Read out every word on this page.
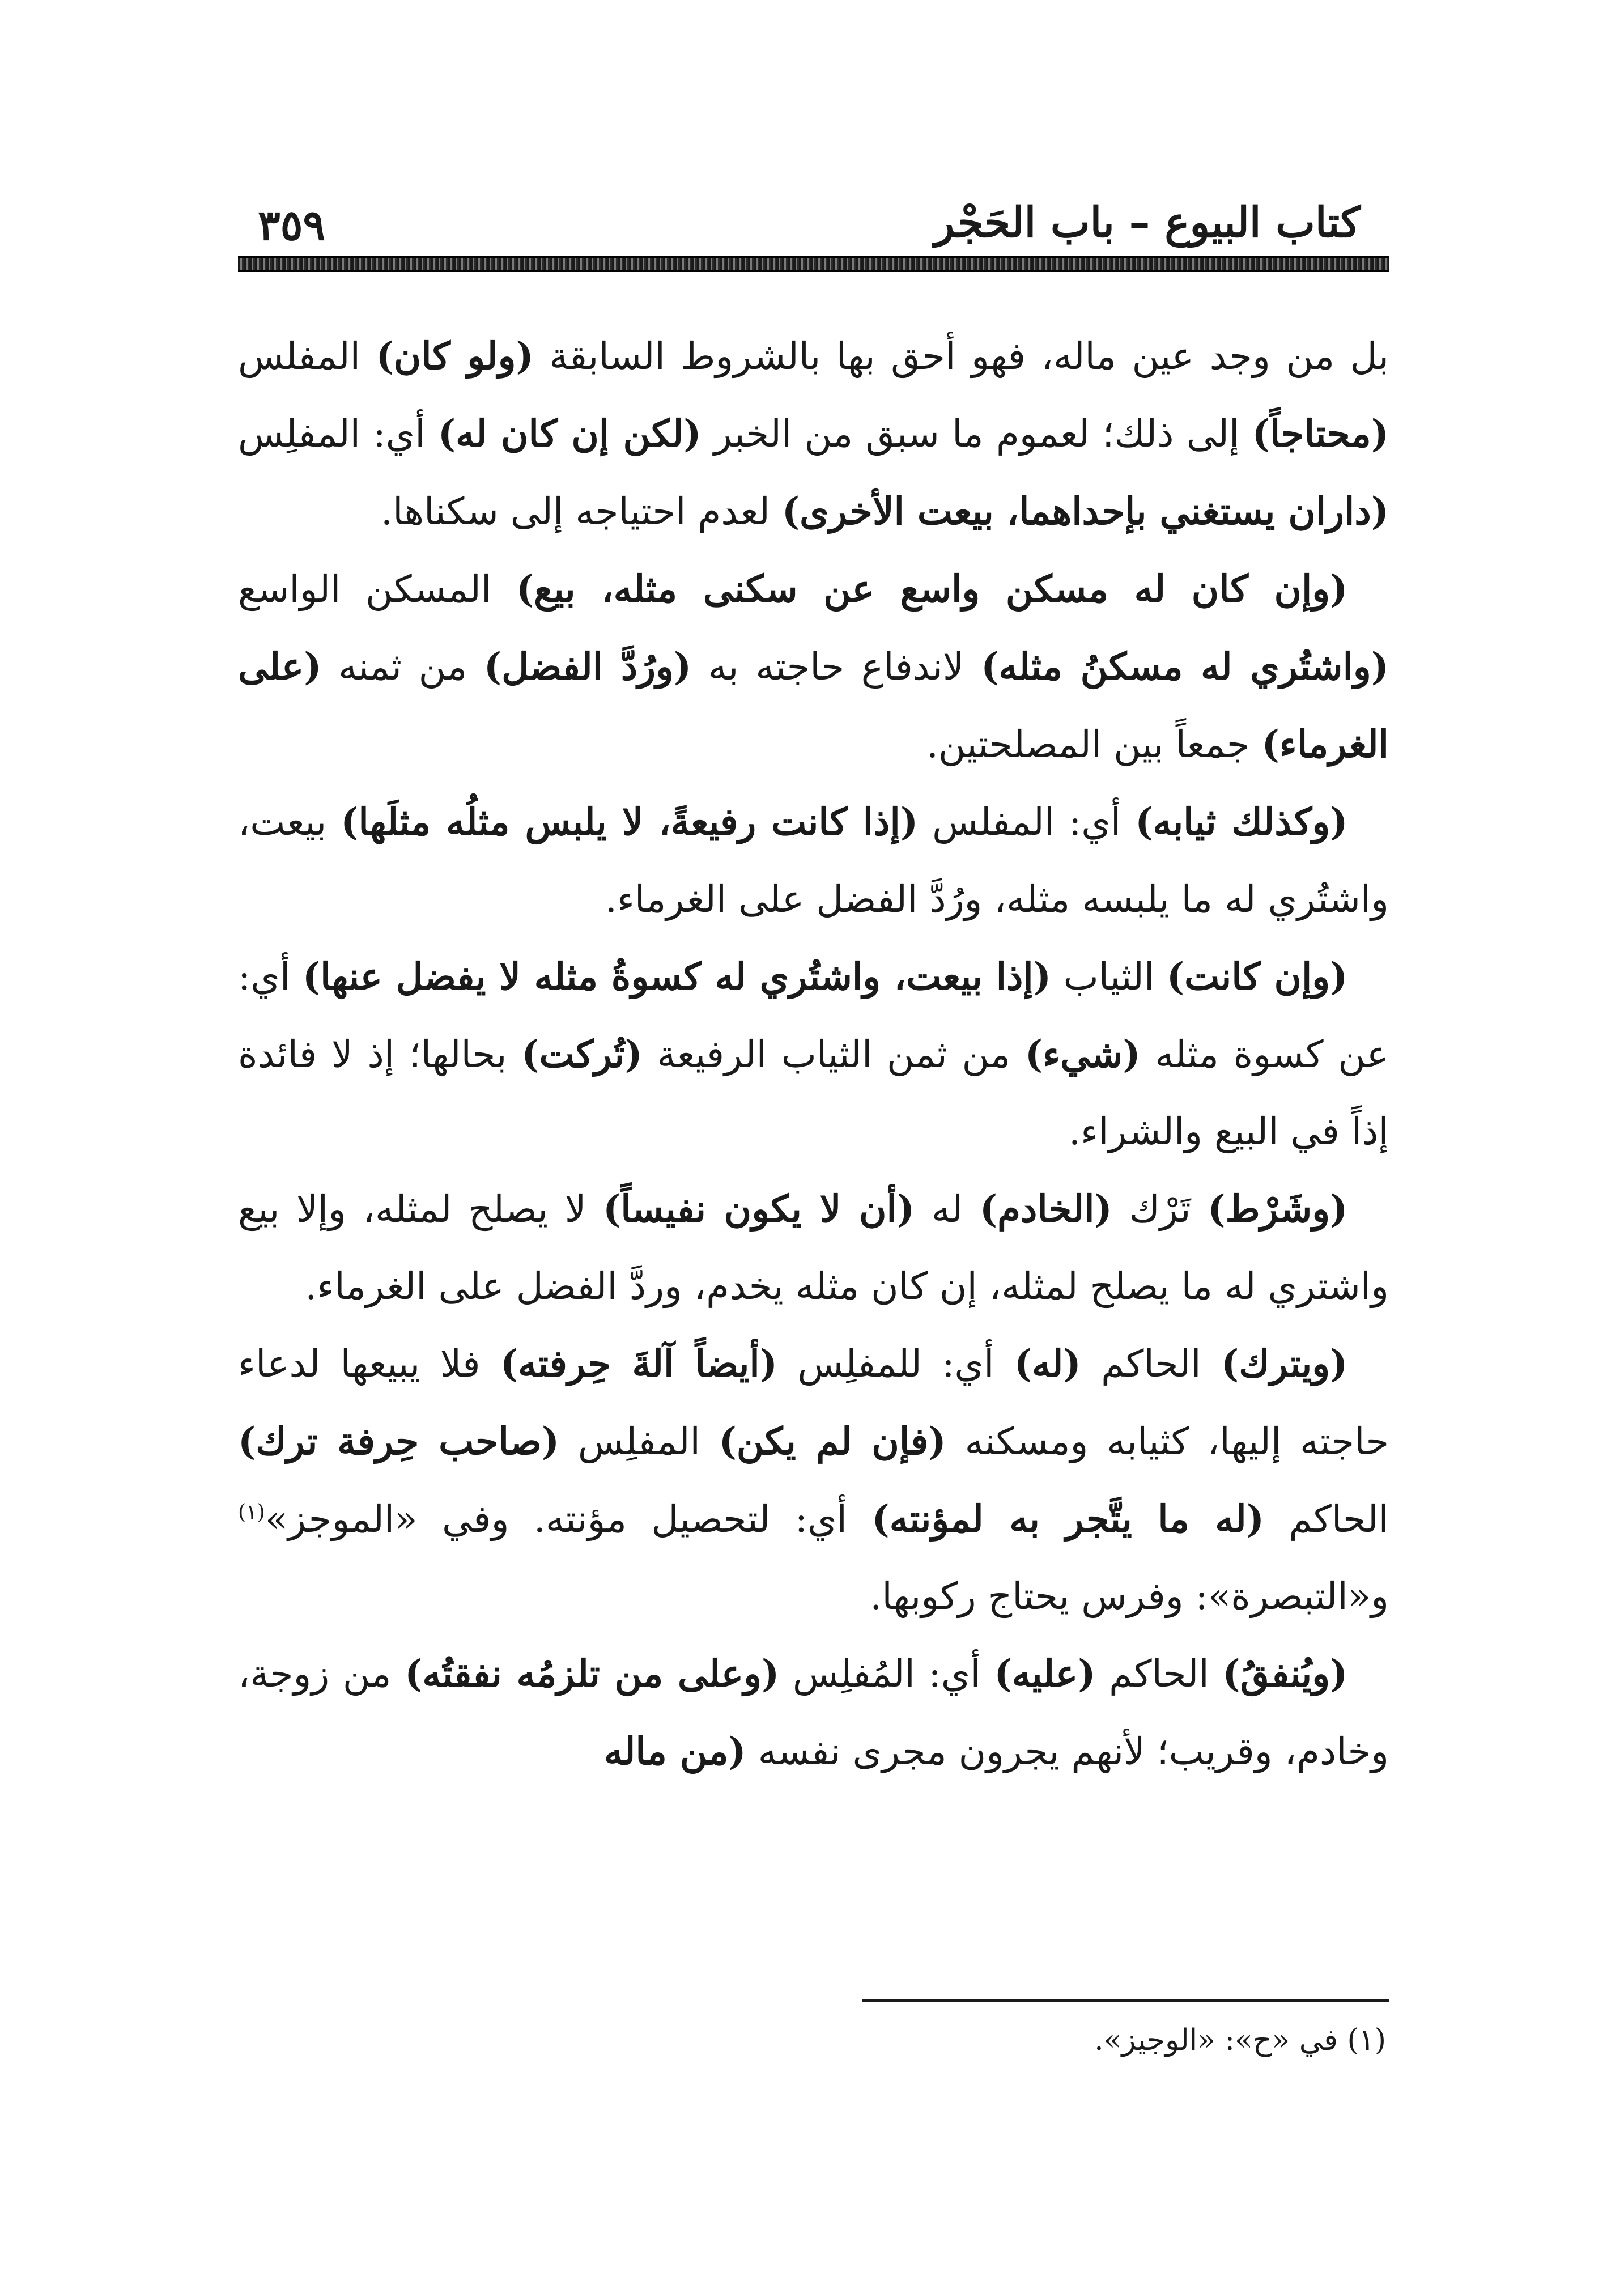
كتاب البيوع – باب الحَجْر
٣٥٩

بل من وجد عين ماله، فهو أحق بها بالشروط السابقة (ولو كان) المفلس (محتاجاً) إلى ذلك؛ لعموم ما سبق من الخبر (لكن إن كان له) أي: المفلِس (داران يستغني بإحداهما، بيعت الأخرى) لعدم احتياجه إلى سكناها.

(وإن كان له مسكن واسع عن سكنى مثله، بيع) المسكن الواسع (واشتُري له مسكنُ مثله) لاندفاع حاجته به (ورُدَّ الفضل) من ثمنه (على الغرماء) جمعاً بين المصلحتين.

(وكذلك ثيابه) أي: المفلس (إذا كانت رفيعةً، لا يلبس مثلُه مثلَها) بيعت، واشتُري له ما يلبسه مثله، ورُدَّ الفضل على الغرماء.

(وإن كانت) الثياب (إذا بيعت، واشتُري له كسوةُ مثله لا يفضل عنها) أي: عن كسوة مثله (شيء) من ثمن الثياب الرفيعة (تُركت) بحالها؛ إذ لا فائدة إذاً في البيع والشراء.

(وشَرْط) تَرْك (الخادم) له (أن لا يكون نفيساً) لا يصلح لمثله، وإلا بيع واشتري له ما يصلح لمثله، إن كان مثله يخدم، وردَّ الفضل على الغرماء.

(ويترك) الحاكم (له) أي: للمفلِس (أيضاً آلةَ حِرفته) فلا يبيعها لدعاء حاجته إليها، كثيابه ومسكنه (فإن لم يكن) المفلِس (صاحب حِرفة ترك) الحاكم (له ما يتَّجر به لمؤنته) أي: لتحصيل مؤنته. وفي «الموجز»$^{(١)}$ و«التبصرة»: وفرس يحتاج ركوبها.

(ويُنفقُ) الحاكم (عليه) أي: المُفلِس (وعلى من تلزمُه نفقتُه) من زوجة، وخادم، وقريب؛ لأنهم يجرون مجرى نفسه (من ماله

(١) في «ح»: «الوجيز».
